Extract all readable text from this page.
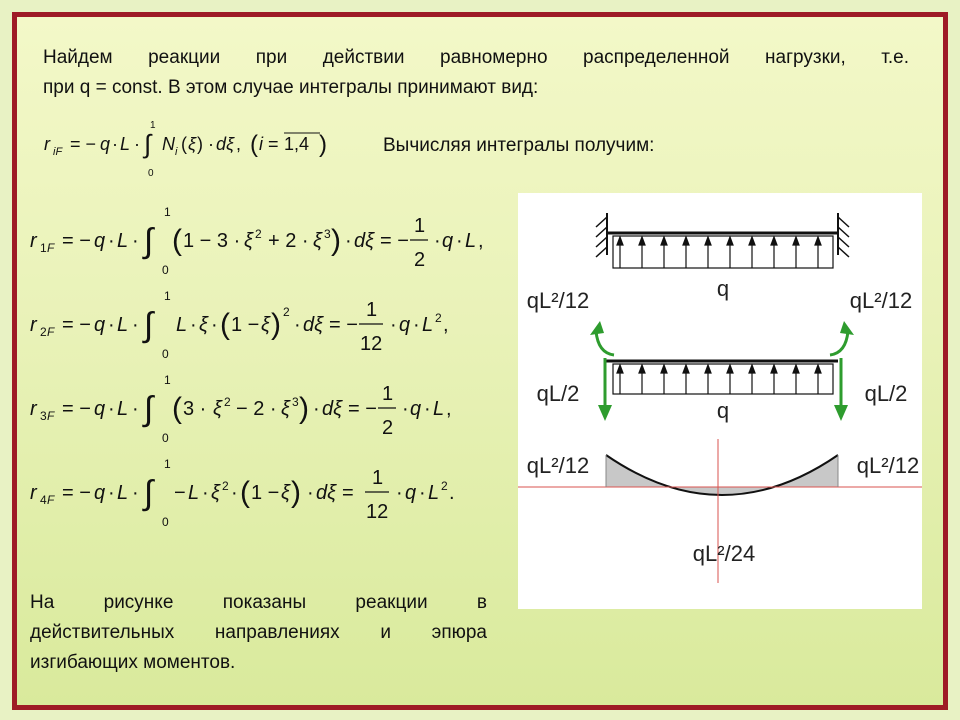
Найдем реакции при действии равномерно распределенной нагрузки, т.е.
при q = const. В этом случае интегралы принимают вид:
r iF = − q · L · ∫
1
0
N i ( ξ ) · dξ , ( i = 1,4 )	Вычисляя интегралы получим:
r 1 F = − q · L · ∫
1
0
( 1 − 3 · ξ 2 + 2 · ξ 3 ) · dξ = −
1
2
· q · L ,
r 2 F = − q · L · ∫
1
0
L · ξ · ( 1 − ξ ) 2
· dξ = −
1
12
· q · L 2 ,
r 3 F = − q · L · ∫
1
0
( 3 · ξ 2 − 2 · ξ 3 ) · dξ = −
1
2
· q · L ,
r 4 F = − q · L · ∫
1
0
− L · ξ 2 · ( 1 − ξ ) · dξ =
1
12
· q · L 2 .
q
qL²/12	qL²/12
q
qL/2	qL/2
qL²/12	qL²/12
qL²/24
На рисунке показаны реакции в
действительных направлениях и эпюра
изгибающих моментов.
